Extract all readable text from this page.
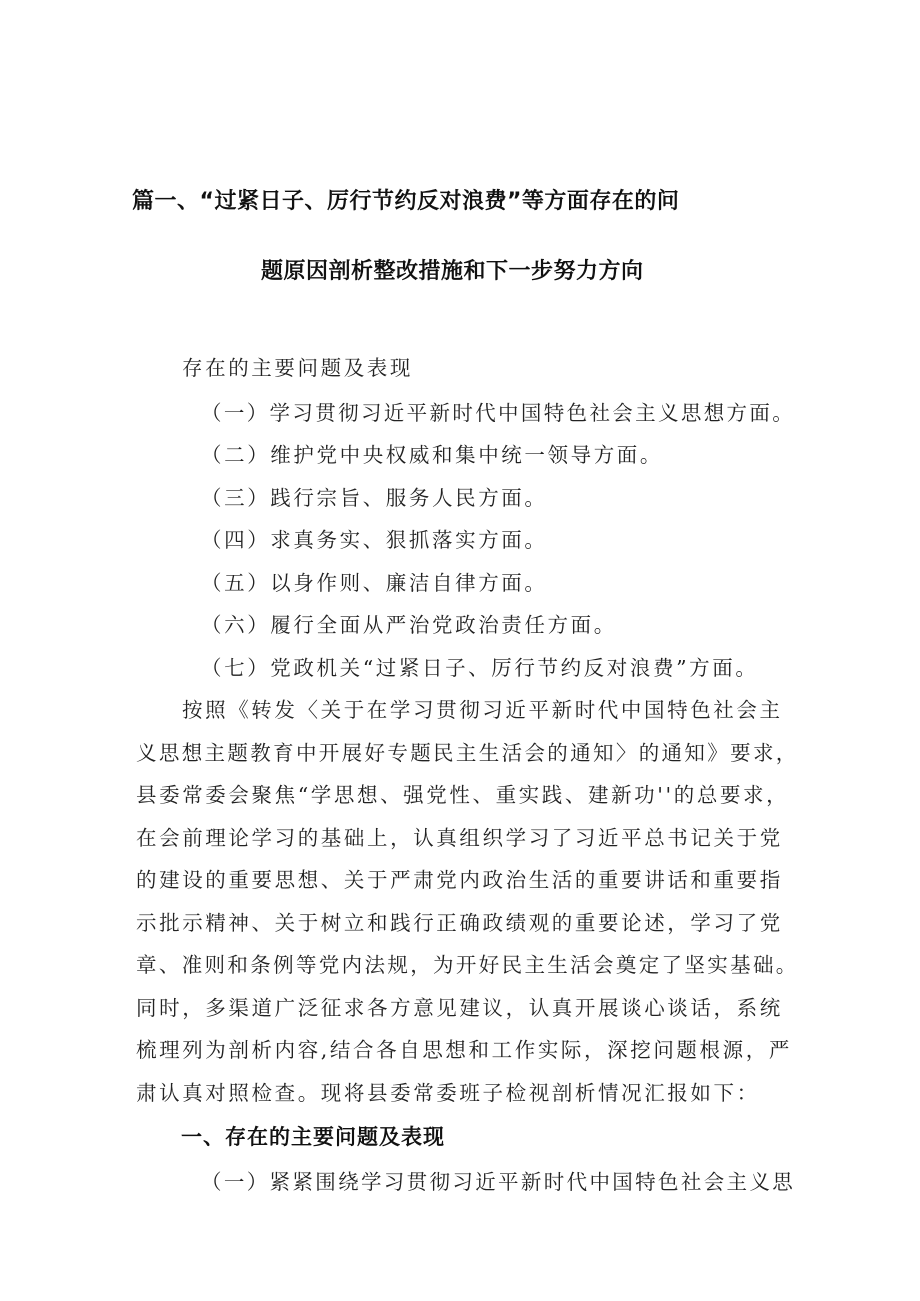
篇一、“过紧日子、厉行节约反对浪费”等方面存在的问
题原因剖析整改措施和下一步努力方向
存在的主要问题及表现
（一）学习贯彻习近平新时代中国特色社会主义思想方面。
（二）维护党中央权威和集中统一领导方面。
（三）践行宗旨、服务人民方面。
（四）求真务实、狠抓落实方面。
（五）以身作则、廉洁自律方面。
（六）履行全面从严治党政治责任方面。
（七）党政机关“过紧日子、厉行节约反对浪费”方面。
按照《转发〈关于在学习贯彻习近平新时代中国特色社会主
义思想主题教育中开展好专题民主生活会的通知〉的通知》要求，
县委常委会聚焦“学思想、强党性、重实践、建新功''的总要求，
在会前理论学习的基础上，认真组织学习了习近平总书记关于党
的建设的重要思想、关于严肃党内政治生活的重要讲话和重要指
示批示精神、关于树立和践行正确政绩观的重要论述，学习了党
章、准则和条例等党内法规，为开好民主生活会奠定了坚实基础。
同时，多渠道广泛征求各方意见建议，认真开展谈心谈话，系统
梳理列为剖析内容,结合各自思想和工作实际，深挖问题根源，严
肃认真对照检查。现将县委常委班子检视剖析情况汇报如下：
一、存在的主要问题及表现
（一）紧紧围绕学习贯彻习近平新时代中国特色社会主义思
